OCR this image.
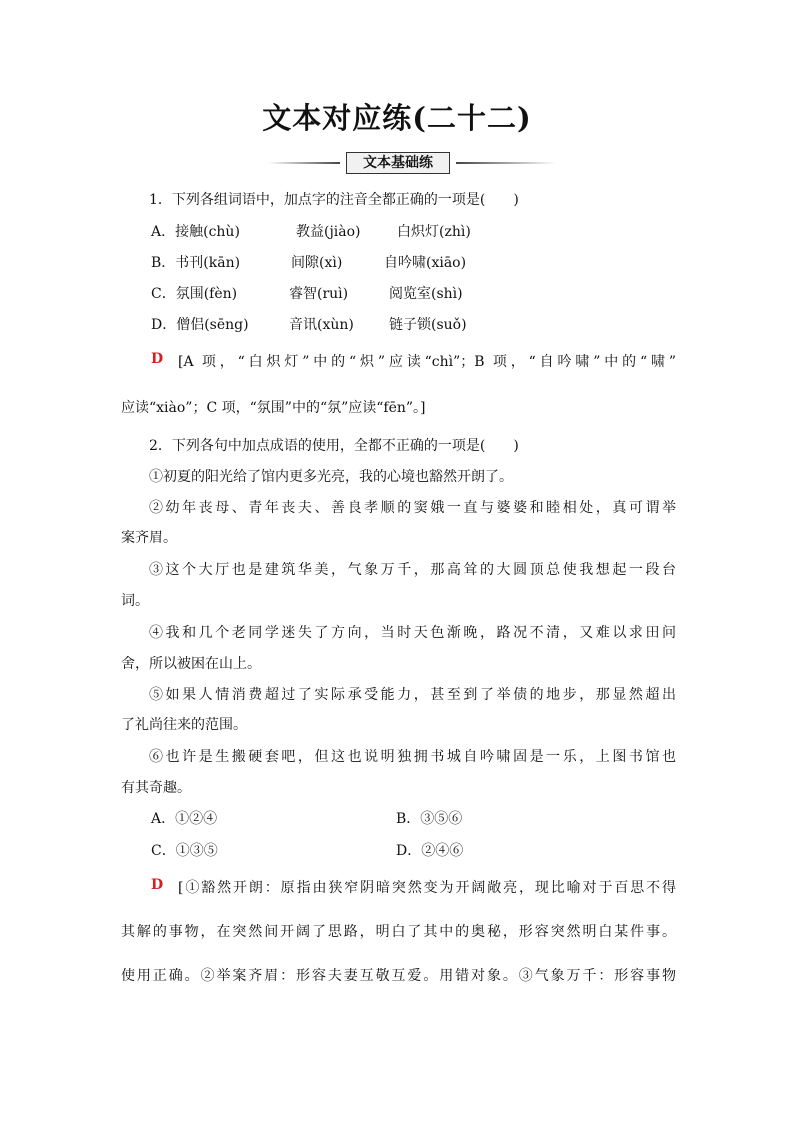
文本对应练(二十二)
文本基础练
1．下列各组词语中，加点字的注音全都正确的一项是(　　)
A．接触(chù)	教益(jiào)	白炽灯(zhì)
B．书刊(kān)	间隙(xì)	自吟啸(xiāo)
C．氛围(fèn)	睿智(ruì)	阅览室(shì)
D．僧侣(sēng)	音讯(xùn)	链子锁(suǒ)
D [A 项，“白炽灯”中的“炽”应读“chì”；B 项，“自吟啸”中的“啸”
应读“xiào”；C 项，“氛围”中的“氛”应读“fēn”。]
2．下列各句中加点成语的使用，全都不正确的一项是(　　)
①初夏的阳光给了馆内更多光亮，我的心境也豁然开朗了。
②幼年丧母、青年丧夫、善良孝顺的窦娥一直与婆婆和睦相处，真可谓举
案齐眉。
③这个大厅也是建筑华美，气象万千，那高耸的大圆顶总使我想起一段台
词。
④我和几个老同学迷失了方向，当时天色渐晚，路况不清，又难以求田问
舍，所以被困在山上。
⑤如果人情消费超过了实际承受能力，甚至到了举债的地步，那显然超出
了礼尚往来的范围。
⑥也许是生搬硬套吧，但这也说明独拥书城自吟啸固是一乐，上图书馆也
有其奇趣。
A．①②④	B．③⑤⑥
C．①③⑤	D．②④⑥
D [①豁然开朗：原指由狭窄阴暗突然变为开阔敞亮，现比喻对于百思不得
其解的事物，在突然间开阔了思路，明白了其中的奥秘，形容突然明白某件事。
使用正确。②举案齐眉：形容夫妻互敬互爱。用错对象。③气象万千：形容事物
